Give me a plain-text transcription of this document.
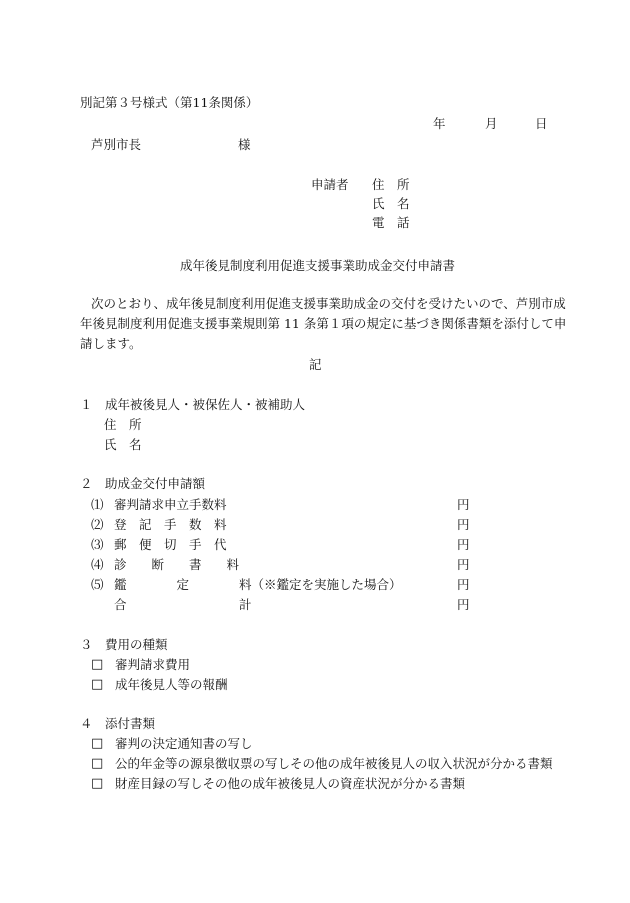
別記第３号様式（第11条関係）
年	月	日
芦別市長	様
申請者 住　所
氏　名
電　話
成年後見制度利用促進支援事業助成金交付申請書
次のとおり、成年後見制度利用促進支援事業助成金の交付を受けたいので、芦別市成
年後見制度利用促進支援事業規則第 11 条第１項の規定に基づき関係書類を添付して申
請します。
記
１　成年被後見人・被保佐人・被補助人
住　所
氏　名
２　助成金交付申請額
⑴ 審判請求申立手数料	円
⑵ 登　記　手　数　料	円
⑶ 郵　便　切　手　代	円
⑷ 診　　断　　書　　料	円
⑸ 鑑　　　　定　　　　料（※鑑定を実施した場合）	円
合　　　　　　　　　計	円
３　費用の種類
□ 審判請求費用
□ 成年後見人等の報酬
４　添付書類
□ 審判の決定通知書の写し
□ 公的年金等の源泉徴収票の写しその他の成年被後見人の収入状況が分かる書類
□ 財産目録の写しその他の成年被後見人の資産状況が分かる書類
